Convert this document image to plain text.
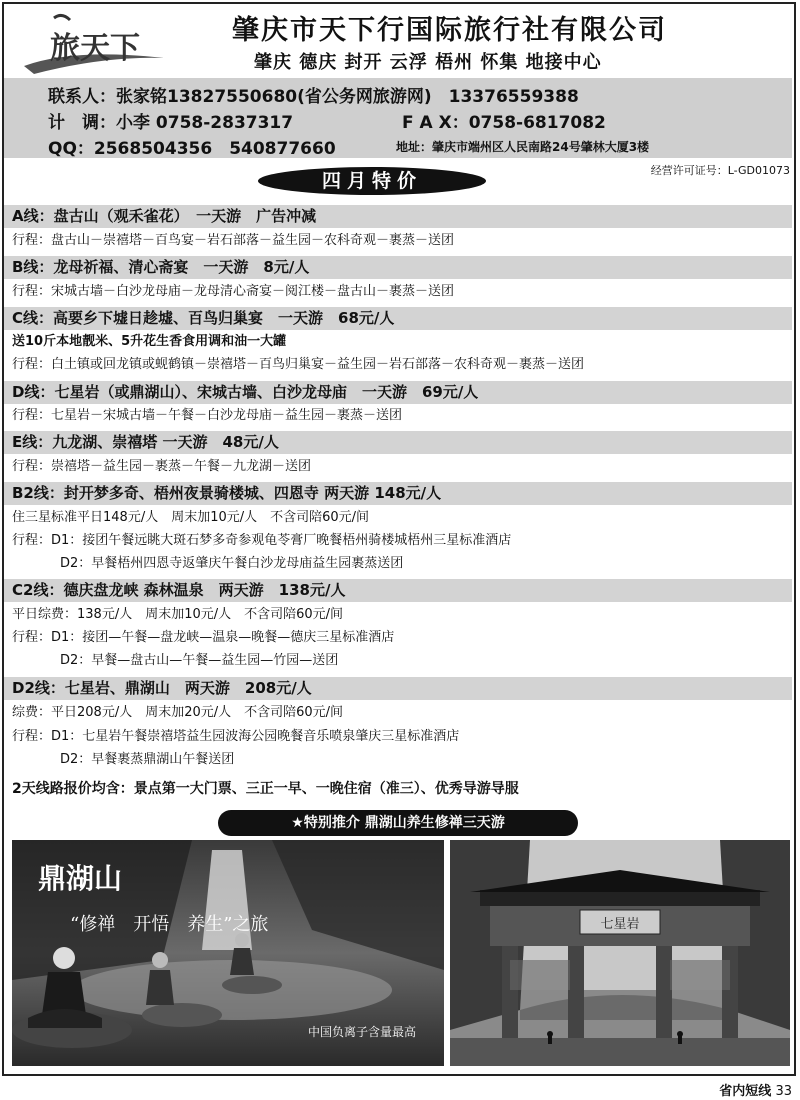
旅天下
肇庆市天下行国际旅行社有限公司
肇庆 德庆 封开 云浮 梧州 怀集 地接中心
联系人：张家铭13827550680(省公务网旅游网)　13376559388
计　调：小李 0758-2837317	F A X：0758-6817082
QQ：2568504356　540877660	地址：肇庆市端州区人民南路24号肇林大厦3楼
经营许可证号：L-GD01073
四月特价
A线：盘古山（观禾雀花）　一天游　广告冲减
行程：盘古山－崇禧塔－百鸟宴－岩石部落－益生园－农科奇观－裹蒸－送团
B线：龙母祈福、清心斋宴　一天游　8元/人
行程：宋城古墙－白沙龙母庙－龙母清心斋宴－阅江楼－盘古山－裹蒸－送团
C线：高要乡下墟日趁墟、百鸟归巢宴　一天游　68元/人
送10斤本地靓米、5升花生香食用调和油一大罐
行程：白土镇或回龙镇或蚬鹤镇－崇禧塔－百鸟归巢宴－益生园－岩石部落－农科奇观－裹蒸－送团
D线：七星岩（或鼎湖山）、宋城古墙、白沙龙母庙　一天游　69元/人
行程：七星岩－宋城古墙－午餐－白沙龙母庙－益生园－裹蒸－送团
E线：九龙湖、崇禧塔 一天游　48元/人
行程：崇禧塔－益生园－裹蒸－午餐－九龙湖－送团
B2线：封开梦多奇、梧州夜景骑楼城、四恩寺 两天游 148元/人
住三星标准平日148元/人　周末加10元/人　不含司陪60元/间
行程：D1：接团午餐远眺大斑石梦多奇参观龟苓膏厂晚餐梧州骑楼城梧州三星标准酒店
D2：早餐梧州四恩寺返肇庆午餐白沙龙母庙益生园裹蒸送团
C2线：德庆盘龙峡 森林温泉　两天游　138元/人
平日综费：138元/人　周末加10元/人　不含司陪60元/间
行程：D1：接团—午餐—盘龙峡—温泉—晚餐—德庆三星标准酒店
D2：早餐—盘古山—午餐—益生园—竹园—送团
D2线：七星岩、鼎湖山　两天游　208元/人
综费：平日208元/人　周末加20元/人　不含司陪60元/间
行程：D1：七星岩午餐崇禧塔益生园波海公园晚餐音乐喷泉肇庆三星标准酒店
D2：早餐裹蒸鼎湖山午餐送团
2天线路报价均含：景点第一大门票、三正一早、一晚住宿（准三）、优秀导游导服
★特别推介 鼎湖山养生修禅三天游
鼎湖山
“修禅　开悟　养生”之旅
中国负离子含量最高
七星岩
省内短线 33
